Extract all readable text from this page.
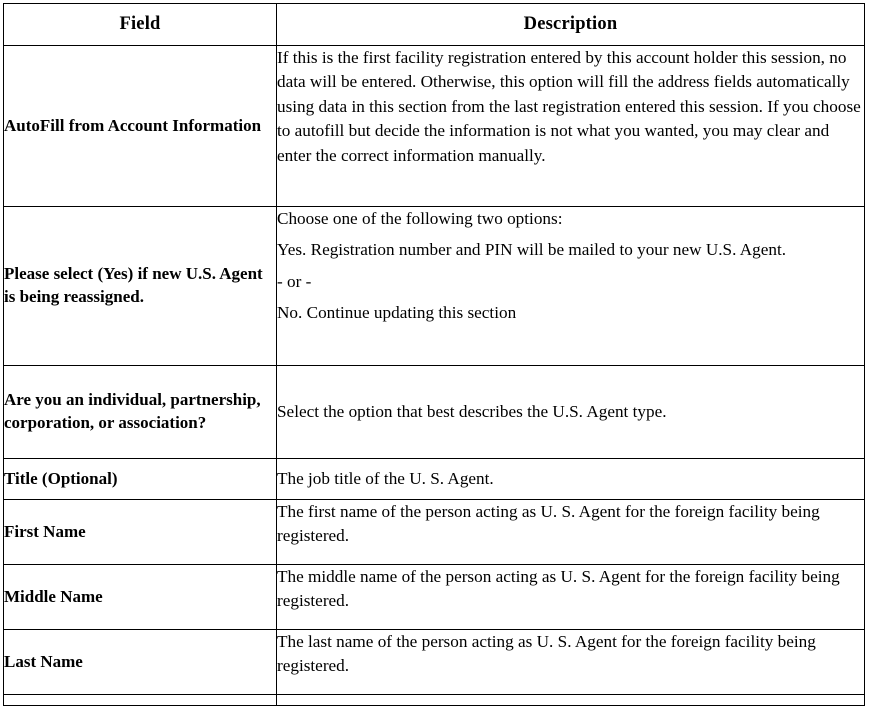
Field	Description

AutoFill from Account Information	If this is the first facility registration entered by this account holder this session, no data will be entered. Otherwise, this option will fill the address fields automatically using data in this section from the last registration entered this session. If you choose to autofill but decide the information is not what you wanted, you may clear and enter the correct information manually.

Please select (Yes) if new U.S. Agent is being reassigned.	Choose one of the following two options:
Yes. Registration number and PIN will be mailed to your new U.S. Agent.
- or -
No. Continue updating this section

Are you an individual, partnership, corporation, or association?	Select the option that best describes the U.S. Agent type.

Title (Optional)	The job title of the U. S. Agent.

First Name	The first name of the person acting as U. S. Agent for the foreign facility being registered.

Middle Name	The middle name of the person acting as U. S. Agent for the foreign facility being registered.

Last Name	The last name of the person acting as U. S. Agent for the foreign facility being registered.
